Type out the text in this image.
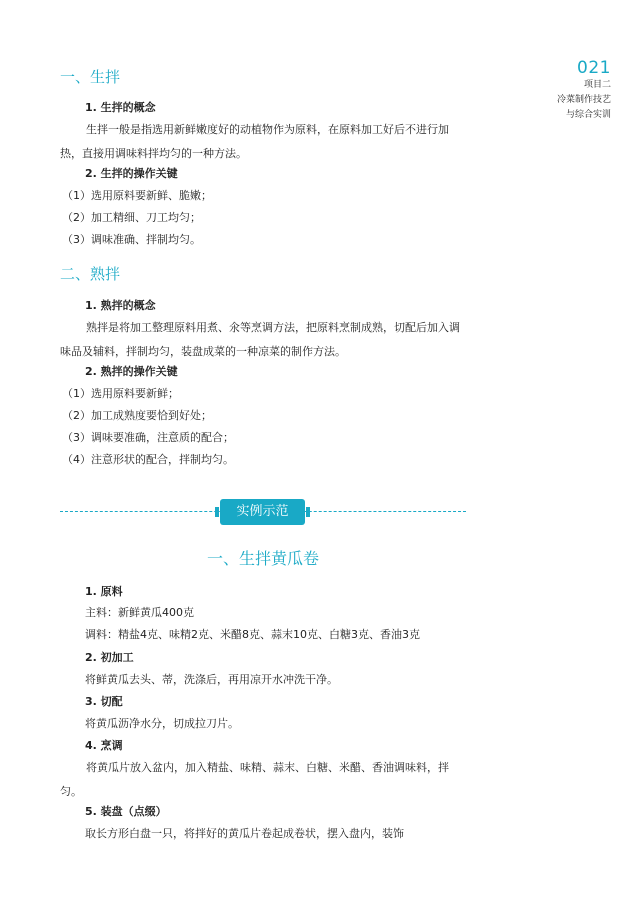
021
项目二
冷菜制作技艺
与综合实训
一、生拌
1. 生拌的概念

生拌一般是指选用新鲜嫩度好的动植物作为原料，在原料加工好后不进行加热，直接用调味料拌均匀的一种方法。

2. 生拌的操作关键
（1）选用原料要新鲜、脆嫩；
（2）加工精细、刀工均匀；
（3）调味准确、拌制均匀。
二、熟拌
1. 熟拌的概念

熟拌是将加工整理原料用煮、氽等烹调方法，把原料烹制成熟，切配后加入调味品及辅料，拌制均匀，装盘成菜的一种凉菜的制作方法。

2. 熟拌的操作关键
（1）选用原料要新鲜；
（2）加工成熟度要恰到好处；
（3）调味要准确，注意质的配合；
（4）注意形状的配合，拌制均匀。
实例示范
一、生拌黄瓜卷
1. 原料
主料：新鲜黄瓜400克
调料：精盐4克、味精2克、米醋8克、蒜末10克、白糖3克、香油3克
2. 初加工
将鲜黄瓜去头、蒂，洗涤后，再用凉开水冲洗干净。
3. 切配
将黄瓜沥净水分，切成拉刀片。
4. 烹调

将黄瓜片放入盆内，加入精盐、味精、蒜末、白糖、米醋、香油调味料，拌匀。

5. 装盘（点缀）
取长方形白盘一只，将拌好的黄瓜片卷起成卷状，摆入盘内，装饰
